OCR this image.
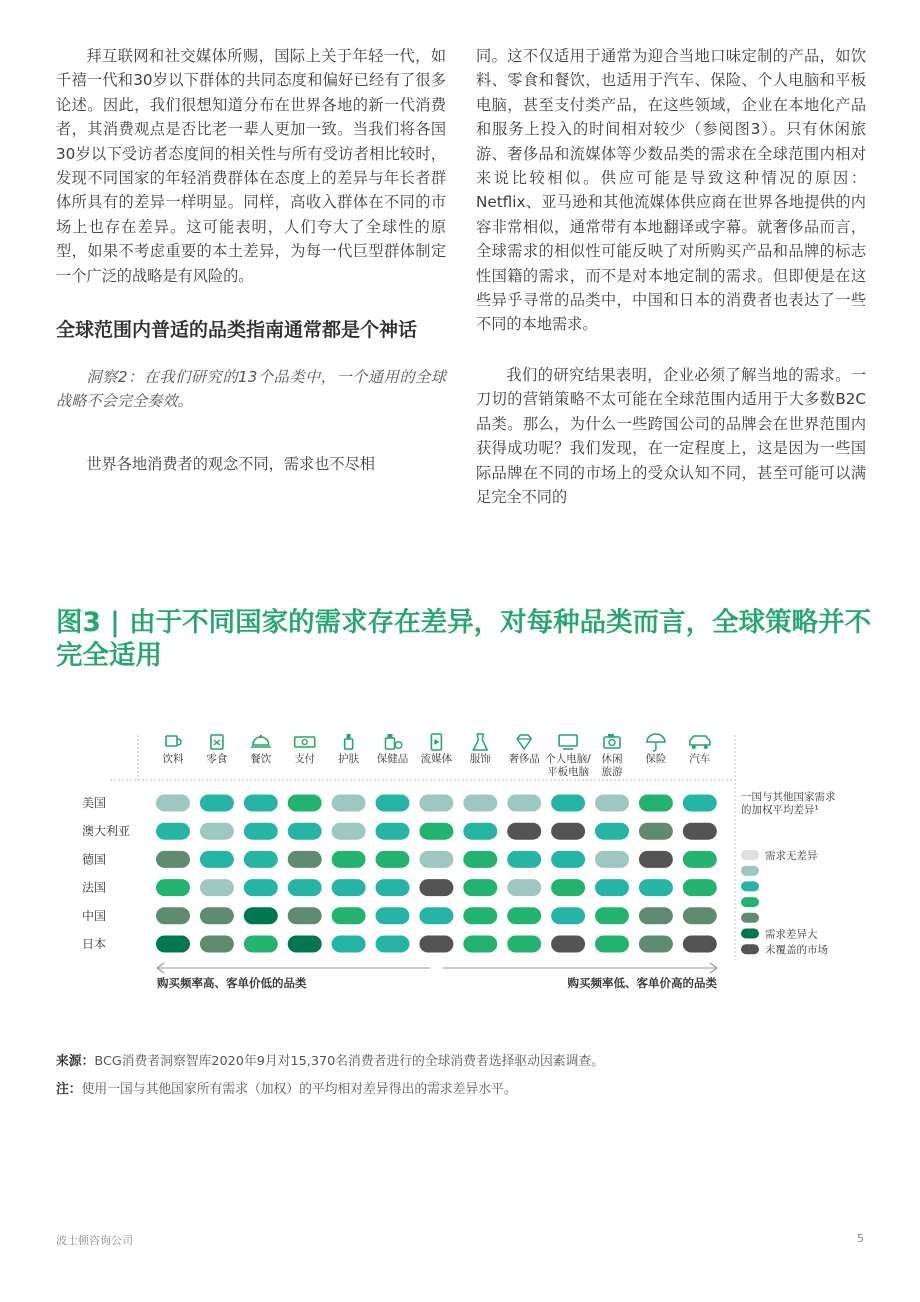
拜互联网和社交媒体所赐，国际上关于年轻一代，如千禧一代和30岁以下群体的共同态度和偏好已经有了很多论述。因此，我们很想知道分布在世界各地的新一代消费者，其消费观点是否比老一辈人更加一致。当我们将各国30岁以下受访者态度间的相关性与所有受访者相比较时，发现不同国家的年轻消费群体在态度上的差异与年长者群体所具有的差异一样明显。同样，高收入群体在不同的市场上也存在差异。这可能表明，人们夸大了全球性的原型，如果不考虑重要的本土差异，为每一代巨型群体制定一个广泛的战略是有风险的。

全球范围内普适的品类指南通常都是个神话

洞察2：在我们研究的13个品类中，一个通用的全球战略不会完全奏效。

世界各地消费者的观念不同，需求也不尽相

同。这不仅适用于通常为迎合当地口味定制的产品，如饮料、零食和餐饮，也适用于汽车、保险、个人电脑和平板电脑，甚至支付类产品，在这些领域，企业在本地化产品和服务上投入的时间相对较少（参阅图3）。只有休闲旅游、奢侈品和流媒体等少数品类的需求在全球范围内相对来说比较相似。供应可能是导致这种情况的原因：Netflix、亚马逊和其他流媒体供应商在世界各地提供的内容非常相似，通常带有本地翻译或字幕。就奢侈品而言，全球需求的相似性可能反映了对所购买产品和品牌的标志性国籍的需求，而不是对本地定制的需求。但即便是在这些异乎寻常的品类中，中国和日本的消费者也表达了一些不同的本地需求。

我们的研究结果表明，企业必须了解当地的需求。一刀切的营销策略不太可能在全球范围内适用于大多数B2C品类。那么，为什么一些跨国公司的品牌会在世界范围内获得成功呢？我们发现，在一定程度上，这是因为一些国际品牌在不同的市场上的受众认知不同，甚至可能可以满足完全不同的

图3 | 由于不同国家的需求存在差异，对每种品类而言，全球策略并不完全适用

饮料 零食 餐饮 支付 护肤 保健品 流媒体 服饰 奢侈品 个人电脑/平板电脑
休闲旅游
保险 汽车
美国
澳大利亚
德国
法国
中国
日本
一国与其他国家需求的加权平均差异¹
需求无差异
需求差异大
未覆盖的市场
购买频率高、客单价低的品类	购买频率低、客单价高的品类

来源：BCG消费者洞察智库2020年9月对15,370名消费者进行的全球消费者选择驱动因素调查。

注：使用一国与其他国家所有需求（加权）的平均相对差异得出的需求差异水平。

波士顿咨询公司	5
